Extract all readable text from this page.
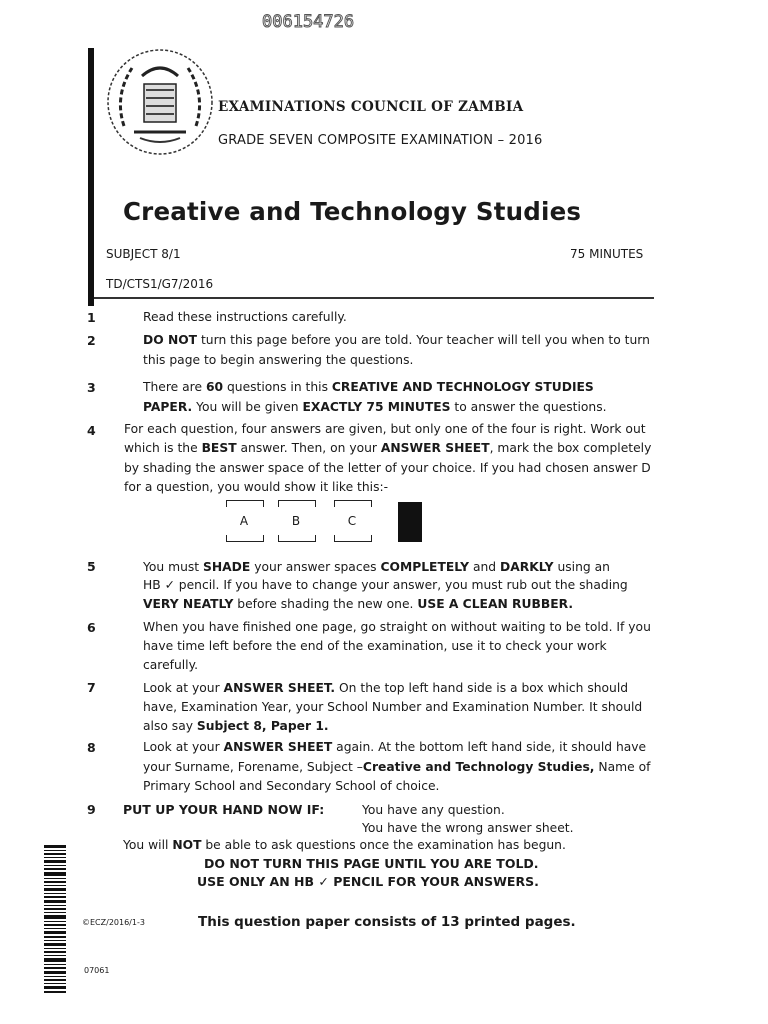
006154726
EXAMINATIONS COUNCIL OF ZAMBIA
GRADE SEVEN COMPOSITE EXAMINATION – 2016
Creative and Technology Studies
SUBJECT 8/1	75 MINUTES
TD/CTS1/G7/2016
1	Read these instructions carefully.
2	DO NOT turn this page before you are told. Your teacher will tell you when to turn
this page to begin answering the questions.
3	There are 60 questions in this CREATIVE AND TECHNOLOGY STUDIES
PAPER. You will be given EXACTLY 75 MINUTES to answer the questions.
4 For each question, four answers are given, but only one of the four is right. Work out
which is the BEST answer. Then, on your ANSWER SHEET, mark the box completely
by shading the answer space of the letter of your choice. If you had chosen answer D
for a question, you would show it like this:-
A	B	C
5	You must SHADE your answer spaces COMPLETELY and DARKLY using an
HB ✓ pencil. If you have to change your answer, you must rub out the shading
VERY NEATLY before shading the new one. USE A CLEAN RUBBER.
6	When you have finished one page, go straight on without waiting to be told. If you
have time left before the end of the examination, use it to check your work
carefully.
7	Look at your ANSWER SHEET. On the top left hand side is a box which should
have, Examination Year, your School Number and Examination Number. It should
also say Subject 8, Paper 1.
8	Look at your ANSWER SHEET again. At the bottom left hand side, it should have
your Surname, Forename, Subject –Creative and Technology Studies, Name of
Primary School and Secondary School of choice.
9 PUT UP YOUR HAND NOW IF:	You have any question.
You have the wrong answer sheet.
You will NOT be able to ask questions once the examination has begun.
DO NOT TURN THIS PAGE UNTIL YOU ARE TOLD.
USE ONLY AN HB ✓ PENCIL FOR YOUR ANSWERS.
©ECZ/2016/1-3	This question paper consists of 13 printed pages.
07061
